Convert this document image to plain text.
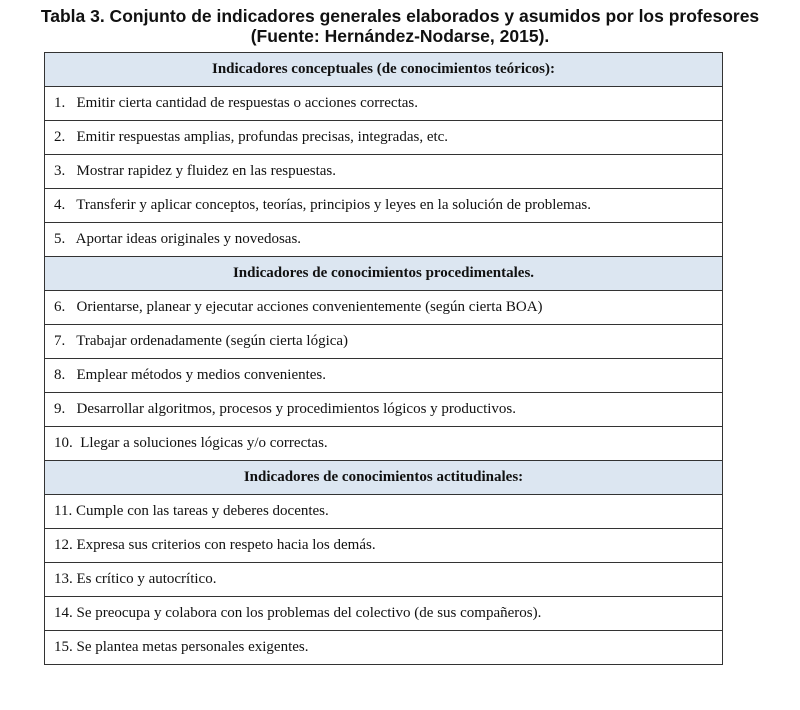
Tabla 3. Conjunto de indicadores generales elaborados y asumidos por los profesores
(Fuente: Hernández-Nodarse, 2015).
Indicadores conceptuales (de conocimientos teóricos):
1.   Emitir cierta cantidad de respuestas o acciones correctas.
2.   Emitir respuestas amplias, profundas precisas, integradas, etc.
3.   Mostrar rapidez y fluidez en las respuestas.
4.   Transferir y aplicar conceptos, teorías, principios y leyes en la solución de problemas.
5.   Aportar ideas originales y novedosas.
Indicadores de conocimientos procedimentales.
6.   Orientarse, planear y ejecutar acciones convenientemente (según cierta BOA)
7.   Trabajar ordenadamente (según cierta lógica)
8.   Emplear métodos y medios convenientes.
9.   Desarrollar algoritmos, procesos y procedimientos lógicos y productivos.
10.  Llegar a soluciones lógicas y/o correctas.
Indicadores de conocimientos actitudinales:
11. Cumple con las tareas y deberes docentes.
12. Expresa sus criterios con respeto hacia los demás.
13. Es crítico y autocrítico.
14. Se preocupa y colabora con los problemas del colectivo (de sus compañeros).
15. Se plantea metas personales exigentes.
